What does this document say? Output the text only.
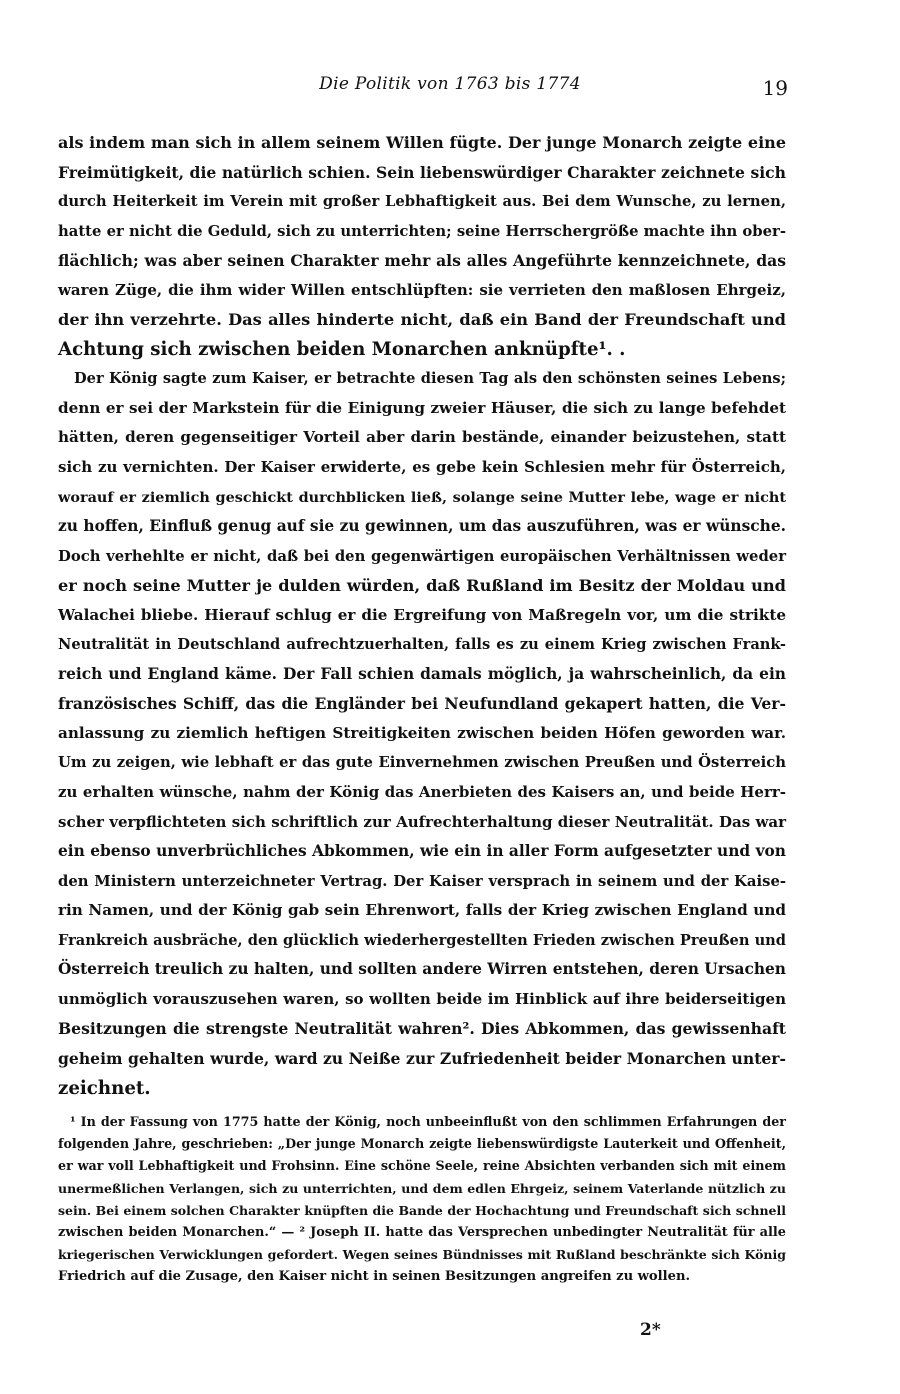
Die Politik von 1763 bis 1774	19
als indem man sich in allem seinem Willen fügte. Der junge Monarch zeigte eine
Freimütigkeit, die natürlich schien. Sein liebenswürdiger Charakter zeichnete sich
durch Heiterkeit im Verein mit großer Lebhaftigkeit aus. Bei dem Wunsche, zu lernen,
hatte er nicht die Geduld, sich zu unterrichten; seine Herrschergröße machte ihn ober-
flächlich; was aber seinen Charakter mehr als alles Angeführte kennzeichnete, das
waren Züge, die ihm wider Willen entschlüpften: sie verrieten den maßlosen Ehrgeiz,
der ihn verzehrte. Das alles hinderte nicht, daß ein Band der Freundschaft und
Achtung sich zwischen beiden Monarchen anknüpfte¹. .
Der König sagte zum Kaiser, er betrachte diesen Tag als den schönsten seines Lebens;
denn er sei der Markstein für die Einigung zweier Häuser, die sich zu lange befehdet
hätten, deren gegenseitiger Vorteil aber darin bestände, einander beizustehen, statt
sich zu vernichten. Der Kaiser erwiderte, es gebe kein Schlesien mehr für Österreich,
worauf er ziemlich geschickt durchblicken ließ, solange seine Mutter lebe, wage er nicht
zu hoffen, Einfluß genug auf sie zu gewinnen, um das auszuführen, was er wünsche.
Doch verhehlte er nicht, daß bei den gegenwärtigen europäischen Verhältnissen weder
er noch seine Mutter je dulden würden, daß Rußland im Besitz der Moldau und
Walachei bliebe. Hierauf schlug er die Ergreifung von Maßregeln vor, um die strikte
Neutralität in Deutschland aufrechtzuerhalten, falls es zu einem Krieg zwischen Frank-
reich und England käme. Der Fall schien damals möglich, ja wahrscheinlich, da ein
französisches Schiff, das die Engländer bei Neufundland gekapert hatten, die Ver-
anlassung zu ziemlich heftigen Streitigkeiten zwischen beiden Höfen geworden war.
Um zu zeigen, wie lebhaft er das gute Einvernehmen zwischen Preußen und Österreich
zu erhalten wünsche, nahm der König das Anerbieten des Kaisers an, und beide Herr-
scher verpflichteten sich schriftlich zur Aufrechterhaltung dieser Neutralität. Das war
ein ebenso unverbrüchliches Abkommen, wie ein in aller Form aufgesetzter und von
den Ministern unterzeichneter Vertrag. Der Kaiser versprach in seinem und der Kaise-
rin Namen, und der König gab sein Ehrenwort, falls der Krieg zwischen England und
Frankreich ausbräche, den glücklich wiederhergestellten Frieden zwischen Preußen und
Österreich treulich zu halten, und sollten andere Wirren entstehen, deren Ursachen
unmöglich vorauszusehen waren, so wollten beide im Hinblick auf ihre beiderseitigen
Besitzungen die strengste Neutralität wahren². Dies Abkommen, das gewissenhaft
geheim gehalten wurde, ward zu Neiße zur Zufriedenheit beider Monarchen unter-
zeichnet.
¹ In der Fassung von 1775 hatte der König, noch unbeeinflußt von den schlimmen Erfahrungen der
folgenden Jahre, geschrieben: „Der junge Monarch zeigte liebenswürdigste Lauterkeit und Offenheit,
er war voll Lebhaftigkeit und Frohsinn. Eine schöne Seele, reine Absichten verbanden sich mit einem
unermeßlichen Verlangen, sich zu unterrichten, und dem edlen Ehrgeiz, seinem Vaterlande nützlich zu
sein. Bei einem solchen Charakter knüpften die Bande der Hochachtung und Freundschaft sich schnell
zwischen beiden Monarchen.“ — ² Joseph II. hatte das Versprechen unbedingter Neutralität für alle
kriegerischen Verwicklungen gefordert. Wegen seines Bündnisses mit Rußland beschränkte sich König
Friedrich auf die Zusage, den Kaiser nicht in seinen Besitzungen angreifen zu wollen.
2*
